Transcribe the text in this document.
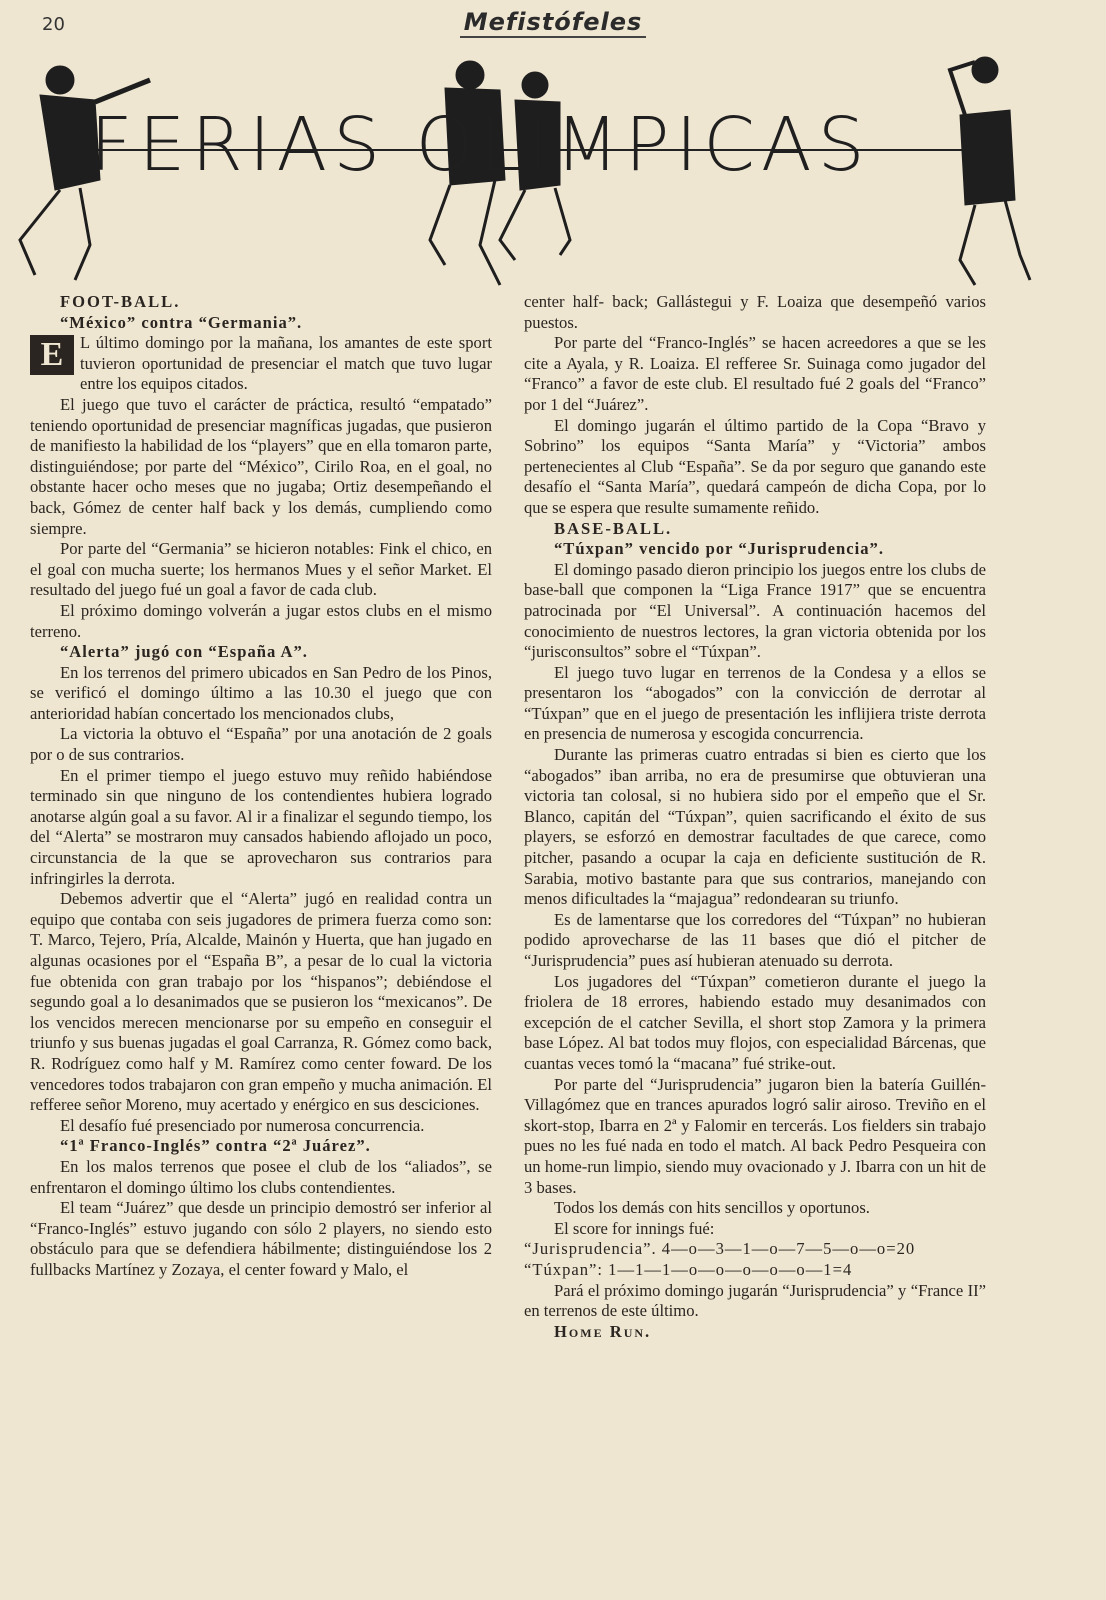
20	Mefistófeles
FERIAS OLIMPICAS

FOOT-BALL.

“México” contra “Germania”.

E	L último domingo por la mañana, los amantes de este sport tuvieron oportunidad de presenciar el match que tuvo lugar entre los equipos citados.

El juego que tuvo el carácter de práctica, resultó “empatado” teniendo oportunidad de presenciar magníficas jugadas, que pusieron de manifiesto la habilidad de los “players” que en ella tomaron parte, distinguiéndose; por parte del “México”, Cirilo Roa, en el goal, no obstante hacer ocho meses que no jugaba; Ortiz desempeñando el back, Gómez de center half back y los demás, cumpliendo como siempre.

Por parte del “Germania” se hicieron notables: Fink el chico, en el goal con mucha suerte; los hermanos Mues y el señor Market. El resultado del juego fué un goal a favor de cada club.

El próximo domingo volverán a jugar estos clubs en el mismo terreno.

“Alerta” jugó con “España A”.

En los terrenos del primero ubicados en San Pedro de los Pinos, se verificó el domingo último a las 10.30 el juego que con anterioridad habían concertado los mencionados clubs,

La victoria la obtuvo el “España” por una anotación de 2 goals por o de sus contrarios.

En el primer tiempo el juego estuvo muy reñido habiéndose terminado sin que ninguno de los contendientes hubiera logrado anotarse algún goal a su favor. Al ir a finalizar el segundo tiempo, los del “Alerta” se mostraron muy cansados habiendo aflojado un poco, circunstancia de la que se aprovecharon sus contrarios para infringirles la derrota.

Debemos advertir que el “Alerta” jugó en realidad contra un equipo que contaba con seis jugadores de primera fuerza como son: T. Marco, Tejero, Pría, Alcalde, Mainón y Huerta, que han jugado en algunas ocasiones por el “España B”, a pesar de lo cual la victoria fue obtenida con gran trabajo por los “hispanos”; debiéndose el segundo goal a lo desanimados que se pusieron los “mexicanos”. De los vencidos merecen mencionarse por su empeño en conseguir el triunfo y sus buenas jugadas el goal Carranza, R. Gómez como back, R. Rodríguez como half y M. Ramírez como center foward. De los vencedores todos trabajaron con gran empeño y mucha animación. El refferee señor Moreno, muy acertado y enérgico en sus desciciones.

El desafío fué presenciado por numerosa concurrencia.

“1ª Franco-Inglés” contra “2ª Juárez”.

En los malos terrenos que posee el club de los “aliados”, se enfrentaron el domingo último los clubs contendientes.

El team “Juárez” que desde un principio demostró ser inferior al “Franco-Inglés” estuvo jugando con sólo 2 players, no siendo esto obstáculo para que se defendiera hábilmente; distinguiéndose los 2 fullbacks Martínez y Zozaya, el center foward y Malo, el

center half- back; Gallástegui y F. Loaiza que desempeñó varios puestos.

Por parte del “Franco-Inglés” se hacen acreedores a que se les cite a Ayala, y R. Loaiza. El refferee Sr. Suinaga como jugador del “Franco” a favor de este club. El resultado fué 2 goals del “Franco” por 1 del “Juárez”.

El domingo jugarán el último partido de la Copa “Bravo y Sobrino” los equipos “Santa María” y “Victoria” ambos pertenecientes al Club “España”. Se da por seguro que ganando este desafío el “Santa María”, quedará campeón de dicha Copa, por lo que se espera que resulte sumamente reñido.

BASE-BALL.

“Túxpan” vencido por “Jurisprudencia”.

El domingo pasado dieron principio los juegos entre los clubs de base-ball que componen la “Liga France 1917” que se encuentra patrocinada por “El Universal”. A continuación hacemos del conocimiento de nuestros lectores, la gran victoria obtenida por los “jurisconsultos” sobre el “Túxpan”.

El juego tuvo lugar en terrenos de la Condesa y a ellos se presentaron los “abogados” con la convicción de derrotar al “Túxpan” que en el juego de presentación les inflijiera triste derrota en presencia de numerosa y escogida concurrencia.

Durante las primeras cuatro entradas si bien es cierto que los “abogados” iban arriba, no era de presumirse que obtuvieran una victoria tan colosal, si no hubiera sido por el empeño que el Sr. Blanco, capitán del “Túxpan”, quien sacrificando el éxito de sus players, se esforzó en demostrar facultades de que carece, como pitcher, pasando a ocupar la caja en deficiente sustitución de R. Sarabia, motivo bastante para que sus contrarios, manejando con menos dificultades la “majagua” redondearan su triunfo.

Es de lamentarse que los corredores del “Túxpan” no hubieran podido aprovecharse de las 11 bases que dió el pitcher de “Jurisprudencia” pues así hubieran atenuado su derrota.

Los jugadores del “Túxpan” cometieron durante el juego la friolera de 18 errores, habiendo estado muy desanimados con excepción de el catcher Sevilla, el short stop Zamora y la primera base López. Al bat todos muy flojos, con especialidad Bárcenas, que cuantas veces tomó la “macana” fué strike-out.

Por parte del “Jurisprudencia” jugaron bien la batería Guillén-Villagómez que en trances apurados logró salir airoso. Treviño en el skort-stop, Ibarra en 2ª y Falomir en tercerás. Los fielders sin trabajo pues no les fué nada en todo el match. Al back Pedro Pesqueira con un home-run limpio, siendo muy ovacionado y J. Ibarra con un hit de 3 bases.

Todos los demás con hits sencillos y oportunos.

El score for innings fué:

“Jurisprudencia”. 4—o—3—1—o—7—5—o—o=20

“Túxpan”: 1—1—1—o—o—o—o—o—1=4

Pará el próximo domingo jugarán “Jurisprudencia” y “France II” en terrenos de este último.

Home Run.
